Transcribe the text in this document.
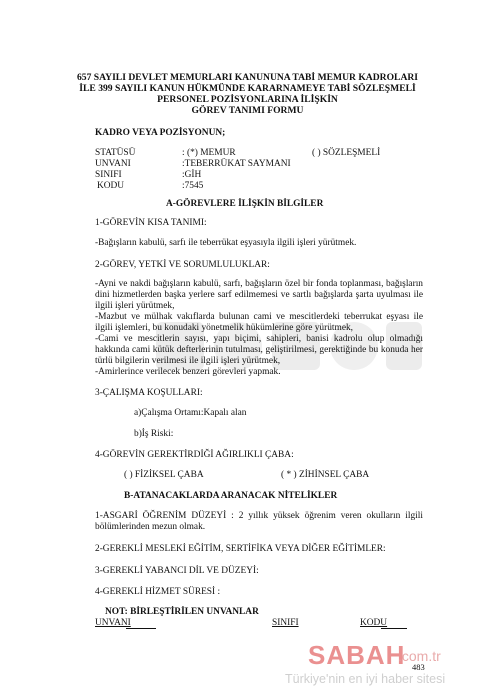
657 SAYILI DEVLET MEMURLARI KANUNUNA TABİ MEMUR KADROLARI
İLE 399 SAYILI KANUN HÜKMÜNDE KARARNAMEYE TABİ SÖZLEŞMELİ
PERSONEL POZİSYONLARINA İLİŞKİN
GÖREV TANIMI FORMU
KADRO VEYA POZİSYONUN;
STATÜSÜ	: (*) MEMUR	( ) SÖZLEŞMELİ
UNVANI	:TEBERRÜKAT SAYMANI
SINIFI	:GİH
KODU	:7545
A-GÖREVLERE İLİŞKİN BİLGİLER
1-GÖREVİN KISA TANIMI:
-Bağışların kabulü, sarfı ile teberrükat eşyasıyla ilgili işleri yürütmek.
2-GÖREV, YETKİ VE SORUMLULUKLAR:
-Ayni ve nakdi bağışların kabulü, sarfı, bağışların özel bir fonda toplanması, bağışların dini hizmetlerden başka yerlere sarf edilmemesi ve sartlı bağışlarda şarta uyulması ile ilgili işleri yürütmek,
-Mazbut ve mülhak vakıflarda bulunan cami ve mescitlerdeki teberrukat eşyası ile ilgili işlemleri, bu konudaki yönetmelik hükümlerine göre yürütmek,
-Cami ve mescitlerin sayısı, yapı biçimi, sahipleri, banisi kadrolu olup olmadığı hakkında cami kütük defterlerinin tutulması, geliştirilmesi, gerektiğinde bu konuda her türlü bilgilerin verilmesi ile ilgili işleri yürütmek,
-Amirlerince verilecek benzeri görevleri yapmak.
3-ÇALIŞMA KOŞULLARI:
a)Çalışma Ortamı:Kapalı alan
b)İş Riski:
4-GÖREVİN GEREKTİRDİĞİ AĞIRLIKLI ÇABA:
( ) FİZİKSEL ÇABA	( * ) ZİHİNSEL ÇABA
B-ATANACAKLARDA ARANACAK NİTELİKLER
1-ASGARİ ÖĞRENİM DÜZEYİ : 2 yıllık yüksek öğrenim veren okulların ilgili bölümlerinden mezun olmak.
2-GEREKLİ MESLEKİ EĞİTİM, SERTİFİKA VEYA DİĞER EĞİTİMLER:
3-GEREKLİ YABANCI DİL VE DÜZEYİ:
4-GEREKLİ HİZMET SÜRESİ :
NOT: BİRLEŞTİRİLEN UNVANLAR
UNVANI	SINIFI	KODU
SABAH
.com.tr
483
Türkiye'nin en iyi haber sitesi
